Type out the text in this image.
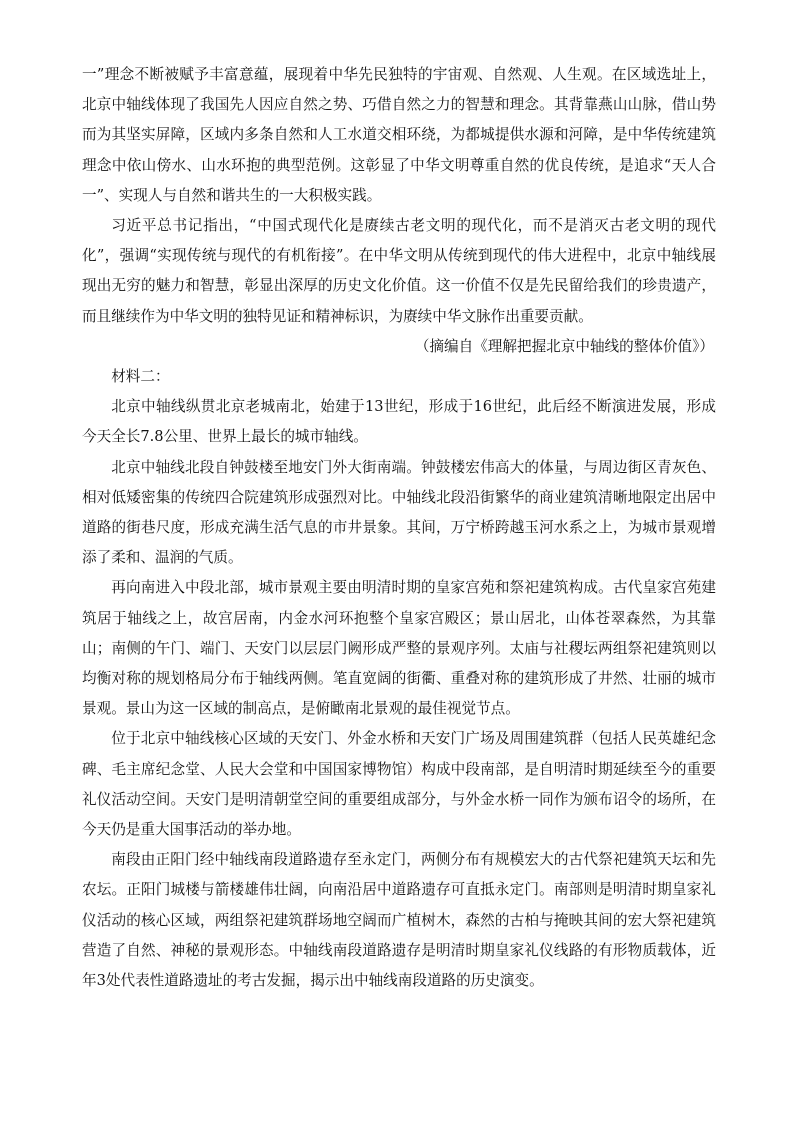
一”理念不断被赋予丰富意蕴，展现着中华先民独特的宇宙观、自然观、人生观。在区域选址上，北京中轴线体现了我国先人因应自然之势、巧借自然之力的智慧和理念。其背靠燕山山脉，借山势而为其坚实屏障，区域内多条自然和人工水道交相环绕，为都城提供水源和河障，是中华传统建筑理念中依山傍水、山水环抱的典型范例。这彰显了中华文明尊重自然的优良传统，是追求“天人合一”、实现人与自然和谐共生的一大积极实践。

习近平总书记指出，“中国式现代化是赓续古老文明的现代化，而不是消灭古老文明的现代化”，强调“实现传统与现代的有机衔接”。在中华文明从传统到现代的伟大进程中，北京中轴线展现出无穷的魅力和智慧，彰显出深厚的历史文化价值。这一价值不仅是先民留给我们的珍贵遗产，而且继续作为中华文明的独特见证和精神标识，为赓续中华文脉作出重要贡献。

（摘编自《理解把握北京中轴线的整体价值》）

材料二：

北京中轴线纵贯北京老城南北，始建于13世纪，形成于16世纪，此后经不断演进发展，形成今天全长7.8公里、世界上最长的城市轴线。

北京中轴线北段自钟鼓楼至地安门外大街南端。钟鼓楼宏伟高大的体量，与周边街区青灰色、相对低矮密集的传统四合院建筑形成强烈对比。中轴线北段沿街繁华的商业建筑清晰地限定出居中道路的街巷尺度，形成充满生活气息的市井景象。其间，万宁桥跨越玉河水系之上，为城市景观增添了柔和、温润的气质。

再向南进入中段北部，城市景观主要由明清时期的皇家宫苑和祭祀建筑构成。古代皇家宫苑建筑居于轴线之上，故宫居南，内金水河环抱整个皇家宫殿区；景山居北，山体苍翠森然，为其靠山；南侧的午门、端门、天安门以层层门阙形成严整的景观序列。太庙与社稷坛两组祭祀建筑则以均衡对称的规划格局分布于轴线两侧。笔直宽阔的街衢、重叠对称的建筑形成了井然、壮丽的城市景观。景山为这一区域的制高点，是俯瞰南北景观的最佳视觉节点。

位于北京中轴线核心区域的天安门、外金水桥和天安门广场及周围建筑群（包括人民英雄纪念碑、毛主席纪念堂、人民大会堂和中国国家博物馆）构成中段南部，是自明清时期延续至今的重要礼仪活动空间。天安门是明清朝堂空间的重要组成部分，与外金水桥一同作为颁布诏令的场所，在今天仍是重大国事活动的举办地。

南段由正阳门经中轴线南段道路遗存至永定门，两侧分布有规模宏大的古代祭祀建筑天坛和先农坛。正阳门城楼与箭楼雄伟壮阔，向南沿居中道路遗存可直抵永定门。南部则是明清时期皇家礼仪活动的核心区域，两组祭祀建筑群场地空阔而广植树木，森然的古柏与掩映其间的宏大祭祀建筑营造了自然、神秘的景观形态。中轴线南段道路遗存是明清时期皇家礼仪线路的有形物质载体，近年3处代表性道路遗址的考古发掘，揭示出中轴线南段道路的历史演变。
